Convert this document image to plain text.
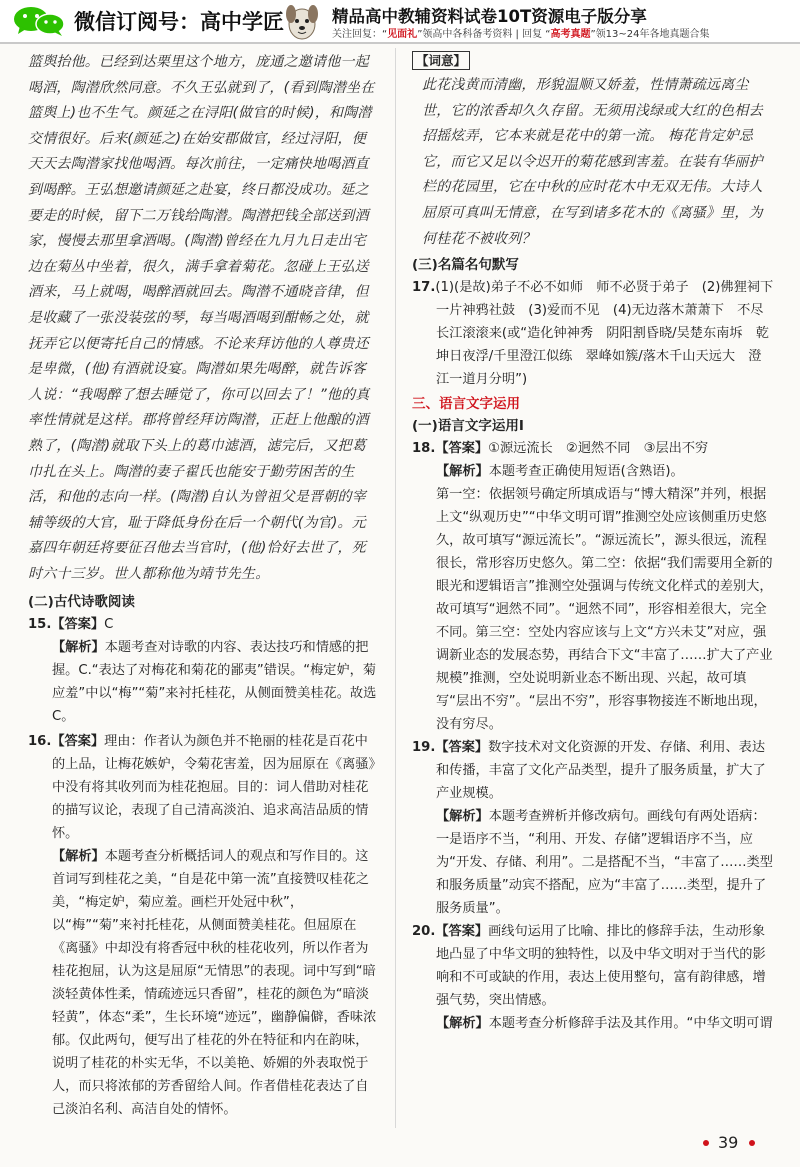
微信订阅号：高中学匠	精品高中教辅资料试卷10T资源电子版分享
关注回复：“见面礼”领高中各科备考资料 | 回复 “高考真题”领13~24年各地真题合集

篮舆抬他。已经到达栗里这个地方，庞通之邀请他一起喝酒，陶潜欣然同意。不久王弘就到了，(看到陶潜坐在篮舆上)也不生气。颜延之在浔阳(做官的时候)，和陶潜交情很好。后来(颜延之)在始安郡做官，经过浔阳，便天天去陶潜家找他喝酒。每次前往，一定痛快地喝酒直到喝醉。王弘想邀请颜延之赴宴，终日都没成功。延之要走的时候，留下二万钱给陶潜。陶潜把钱全部送到酒家，慢慢去那里拿酒喝。(陶潜)曾经在九月九日走出宅边在菊丛中坐着，很久，满手拿着菊花。忽碰上王弘送酒来，马上就喝，喝醉酒就回去。陶潜不通晓音律，但是收藏了一张没装弦的琴，每当喝酒喝到酣畅之处，就抚弄它以便寄托自己的情感。不论来拜访他的人尊贵还是卑微，(他)有酒就设宴。陶潜如果先喝醉，就告诉客人说：“我喝醉了想去睡觉了，你可以回去了！”他的真率性情就是这样。郡将曾经拜访陶潜，正赶上他酿的酒熟了，(陶潜)就取下头上的葛巾滤酒，滤完后，又把葛巾扎在头上。陶潜的妻子翟氏也能安于勤劳困苦的生活，和他的志向一样。(陶潜)自认为曾祖父是晋朝的宰辅等级的大官，耻于降低身份在后一个朝代(为官)。元嘉四年朝廷将要征召他去当官时，(他)恰好去世了，死时六十三岁。世人都称他为靖节先生。

(二)古代诗歌阅读

15.【答案】C
【解析】本题考查对诗歌的内容、表达技巧和情感的把握。C.“表达了对梅花和菊花的鄙夷”错误。“梅定妒，菊应羞”中以“梅”“菊”来衬托桂花，从侧面赞美桂花。故选C。
16.【答案】理由：作者认为颜色并不艳丽的桂花是百花中的上品，让梅花嫉妒，令菊花害羞，因为屈原在《离骚》中没有将其收列而为桂花抱屈。目的：词人借助对桂花的描写议论，表现了自己清高淡泊、追求高洁品质的情怀。
【解析】本题考查分析概括词人的观点和写作目的。这首词写到桂花之美，“自是花中第一流”直接赞叹桂花之美，“梅定妒，菊应羞。画栏开处冠中秋”，以“梅”“菊”来衬托桂花，从侧面赞美桂花。但屈原在《离骚》中却没有将香冠中秋的桂花收列，所以作者为桂花抱屈，认为这是屈原“无情思”的表现。词中写到“暗淡轻黄体性柔，情疏迹远只香留”，桂花的颜色为“暗淡轻黄”，体态“柔”，生长环境“迹远”，幽静偏僻，香味浓郁。仅此两句，便写出了桂花的外在特征和内在韵味，说明了桂花的朴实无华，不以美艳、娇媚的外表取悦于人，而只将浓郁的芳香留给人间。作者借桂花表达了自己淡泊名利、高洁自处的情怀。
【词意】
此花浅黄而清幽，形貌温顺又娇羞，性情萧疏远离尘世，它的浓香却久久存留。无须用浅绿或大红的色相去招摇炫弄，它本来就是花中的第一流。 梅花肯定妒忌它，而它又足以令迟开的菊花感到害羞。在装有华丽护栏的花园里，它在中秋的应时花木中无双无伟。大诗人屈原可真叫无情意，在写到诸多花木的《离骚》里，为何桂花不被收列？

(三)名篇名句默写

17.(1)(是故)弟子不必不如师　师不必贤于弟子　(2)佛狸祠下　一片神鸦社鼓　(3)爱而不见　(4)无边落木萧萧下　不尽长江滚滚来(或“造化钟神秀　阴阳割昏晓/吴楚东南坼　乾坤日夜浮/千里澄江似练　翠峰如簇/落木千山天远大　澄江一道月分明”)

三、语言文字运用

(一)语言文字运用Ⅰ

18.【答案】①源远流长　②迥然不同　③层出不穷
【解析】本题考查正确使用短语(含熟语)。
第一空：依据领号确定所填成语与“博大精深”并列，根据上文“纵观历史”“中华文明可谓”推测空处应该侧重历史悠久，故可填写“源远流长”。“源远流长”，源头很远，流程很长，常形容历史悠久。第二空：依据“我们需要用全新的眼光和逻辑语言”推测空处强调与传统文化样式的差别大，故可填写“迥然不同”。“迥然不同”，形容相差很大，完全不同。第三空：空处内容应该与上文“方兴未艾”对应，强调新业态的发展态势，再结合下文“丰富了……扩大了产业规模”推测，空处说明新业态不断出现、兴起，故可填写“层出不穷”。“层出不穷”，形容事物接连不断地出现，没有穷尽。
19.【答案】数字技术对文化资源的开发、存储、利用、表达和传播，丰富了文化产品类型，提升了服务质量，扩大了产业规模。
【解析】本题考查辨析并修改病句。画线句有两处语病：一是语序不当，“利用、开发、存储”逻辑语序不当，应为“开发、存储、利用”。二是搭配不当，“丰富了……类型和服务质量”动宾不搭配，应为“丰富了……类型，提升了服务质量”。
20.【答案】画线句运用了比喻、排比的修辞手法，生动形象地凸显了中华文明的独特性，以及中华文明对于当代的影响和不可或缺的作用，表达上使用整句，富有韵律感，增强气势，突出情感。
【解析】本题考查分析修辞手法及其作用。“中华文明可谓
39
